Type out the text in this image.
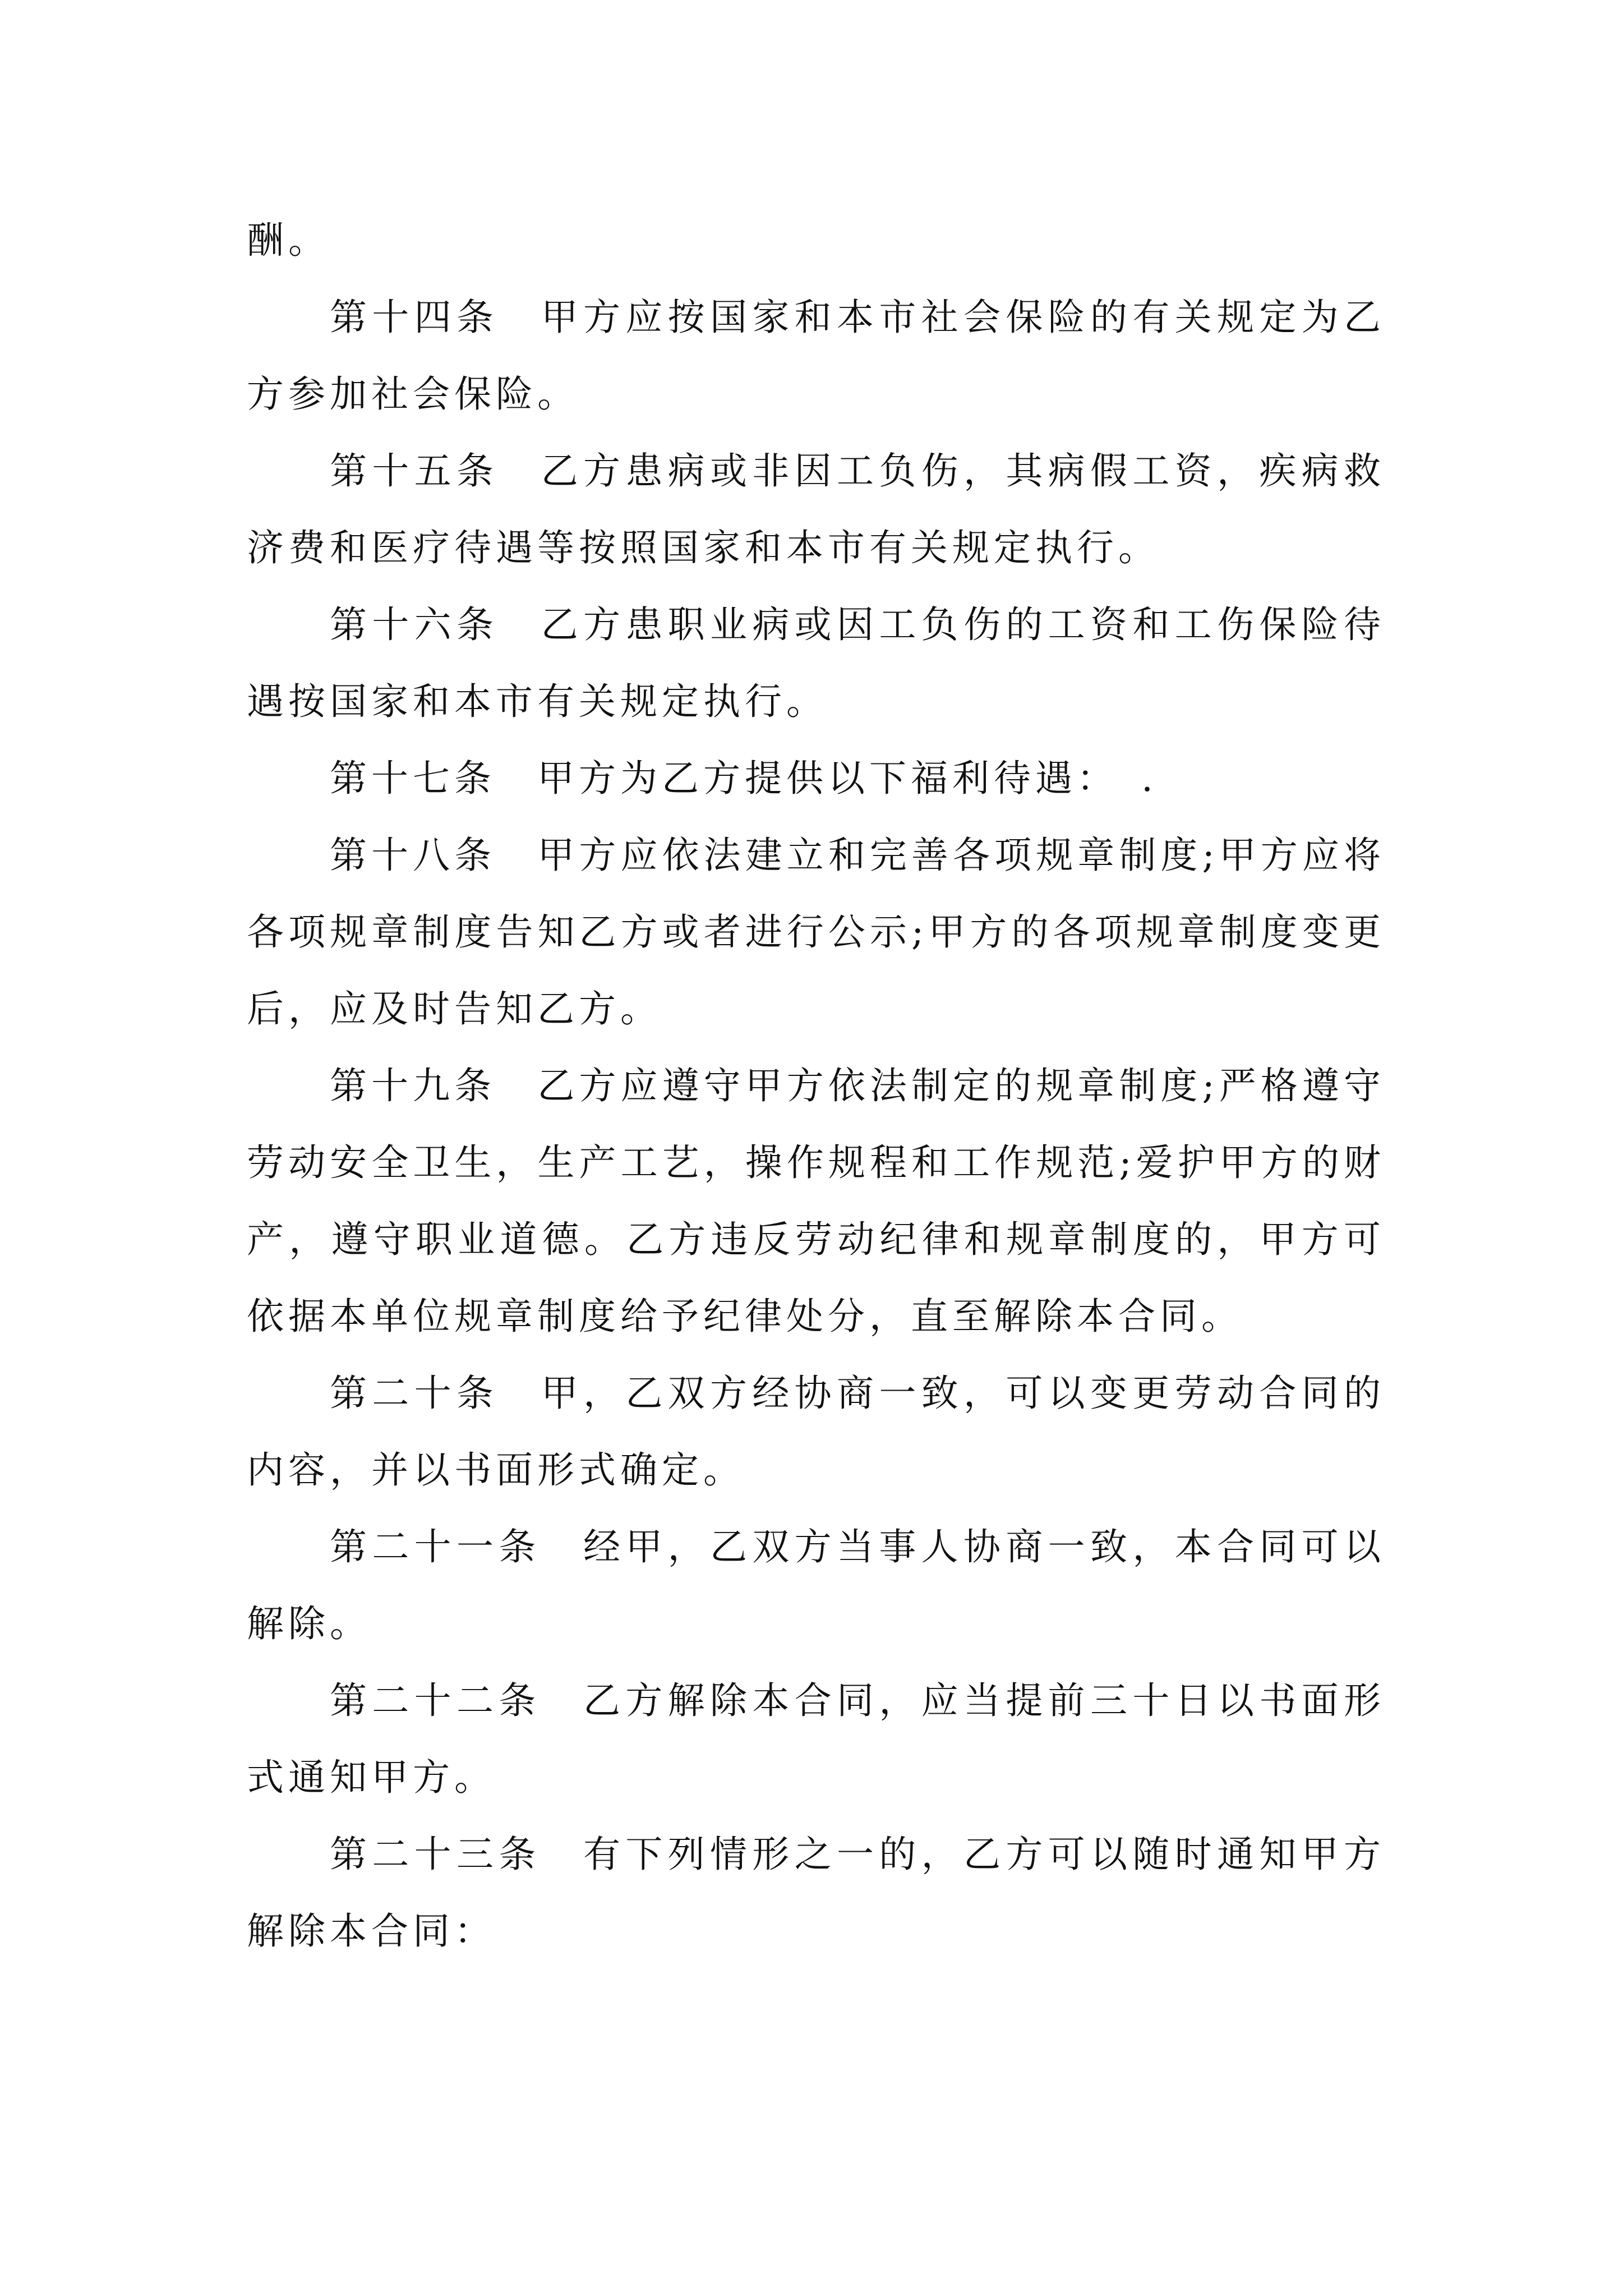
酬。

第十四条　 甲方应按国家和本市社会保险的有关规定为乙方参加社会保险。

第十五条　 乙方患病或非因工负伤，其病假工资，疾病救济费和医疗待遇等按照国家和本市有关规定执行。

第十六条　 乙方患职业病或因工负伤的工资和工伤保险待遇按国家和本市有关规定执行。

第十七条　 甲方为乙方提供以下福利待遇：　.

第十八条　 甲方应依法建立和完善各项规章制度;甲方应将各项规章制度告知乙方或者进行公示;甲方的各项规章制度变更后，应及时告知乙方。

第十九条　 乙方应遵守甲方依法制定的规章制度;严格遵守劳动安全卫生，生产工艺，操作规程和工作规范;爱护甲方的财产，遵守职业道德。乙方违反劳动纪律和规章制度的，甲方可依据本单位规章制度给予纪律处分，直至解除本合同。

第二十条　 甲，乙双方经协商一致，可以变更劳动合同的内容，并以书面形式确定。

第二十一条　 经甲，乙双方当事人协商一致，本合同可以解除。

第二十二条　 乙方解除本合同，应当提前三十日以书面形式通知甲方。

第二十三条　 有下列情形之一的，乙方可以随时通知甲方解除本合同：
